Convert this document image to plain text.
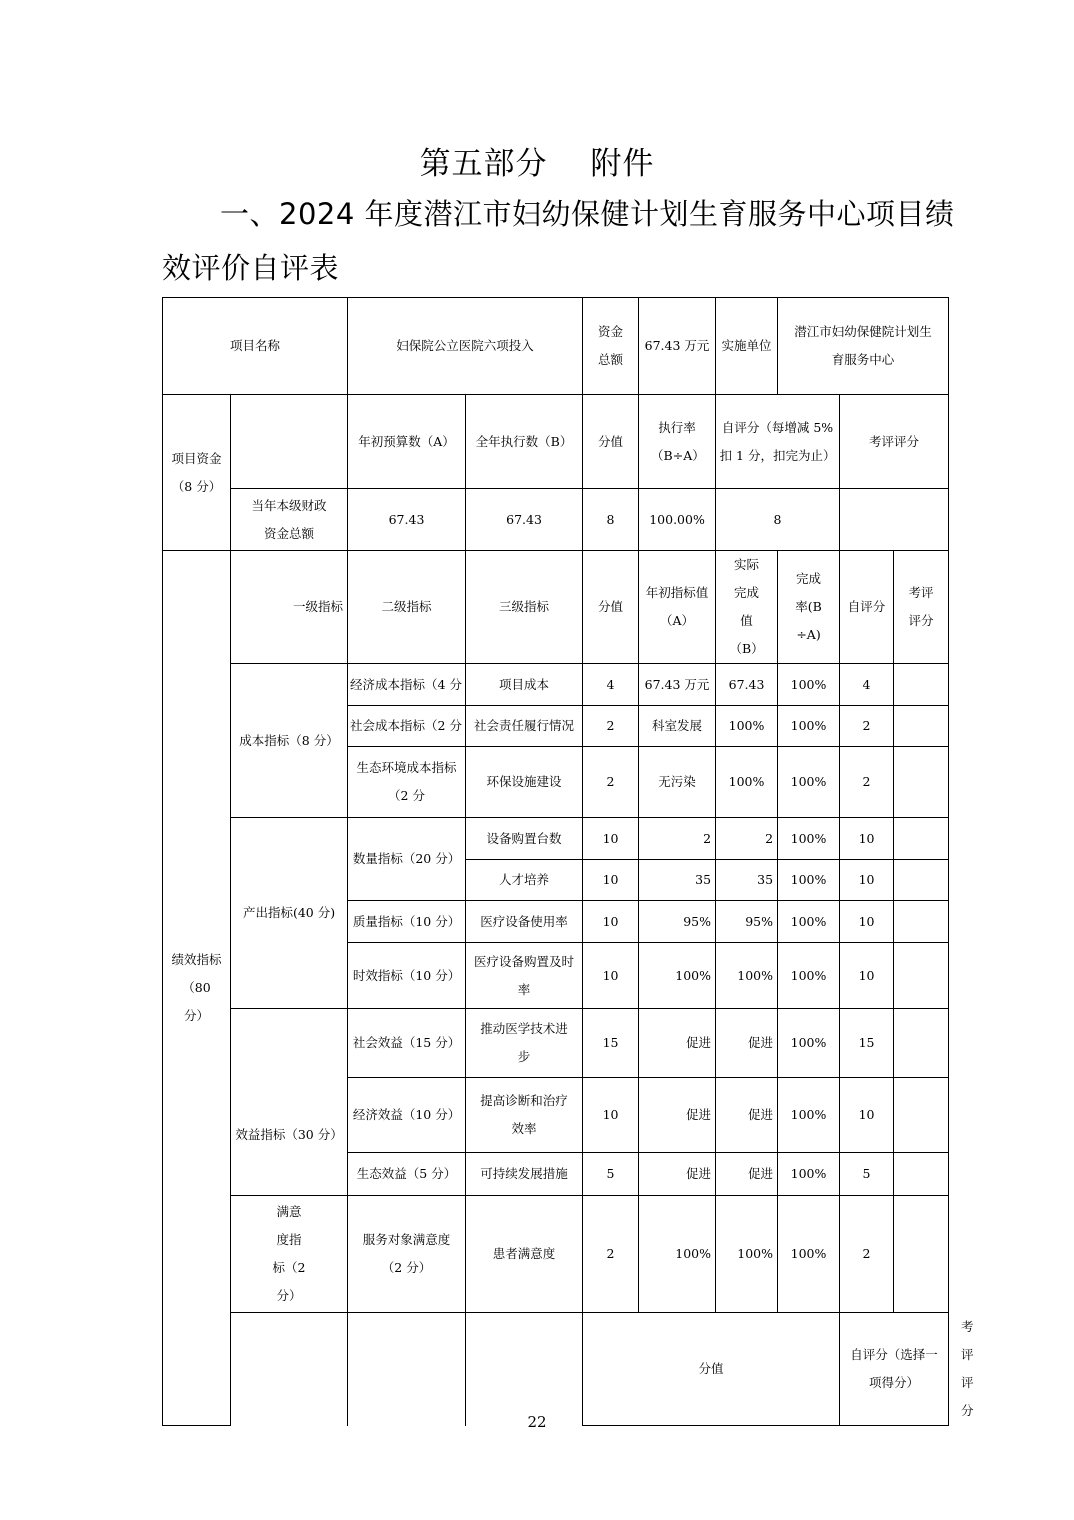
第五部分　 附件
一、2024 年度潜江市妇幼保健计划生育服务中心项目绩
效评价自评表
项目名称		妇保院公立医院六项投入		资金总额	67.43 万元	实施单位	潜江市妇幼保健院计划生育服务中心			
项目资金（8 分）		年初预算数（A）	全年执行数（B）	分值	执行率（B÷A）	自评分（每增减 5%扣 1 分，扣完为止）		考评评分		
	当年本级财政资金总额	67.43	67.43	8	100.00%	8				
绩效指标（80 分）	一级指标	二级指标	三级指标	分值	年初指标值（A）	实际完成值（B）	完成率(B÷A)	自评分	考评评分	
	成本指标（8 分）	经济成本指标（4 分	项目成本	4	67.43 万元	67.43	100%	4		
		社会成本指标（2 分	社会责任履行情况	2	科室发展	100%	100%	2		
		生态环境成本指标（2 分	环保设施建设	2	无污染	100%	100%	2		
	产出指标(40 分)	数量指标（20 分）	设备购置台数	10	2	2	100%	10		
			人才培养	10	35	35	100%	10		
		质量指标（10 分）	医疗设备使用率	10	95%	95%	100%	10		
		时效指标（10 分）	医疗设备购置及时率	10	100%	100%	100%	10		
	效益指标（30 分）	社会效益（15 分）	推动医学技术进步	15	促进	促进	100%	15		
		经济效益（10 分）	提高诊断和治疗效率	10	促进	促进	100%	10		
		生态效益（5 分）	可持续发展措施	5	促进	促进	100%	5		
	满意度指标（2 分）	服务对象满意度（2 分）	患者满意度	2	100%	100%	100%	2		
				分值				自评分（选择一项得分）		考评评分
22
